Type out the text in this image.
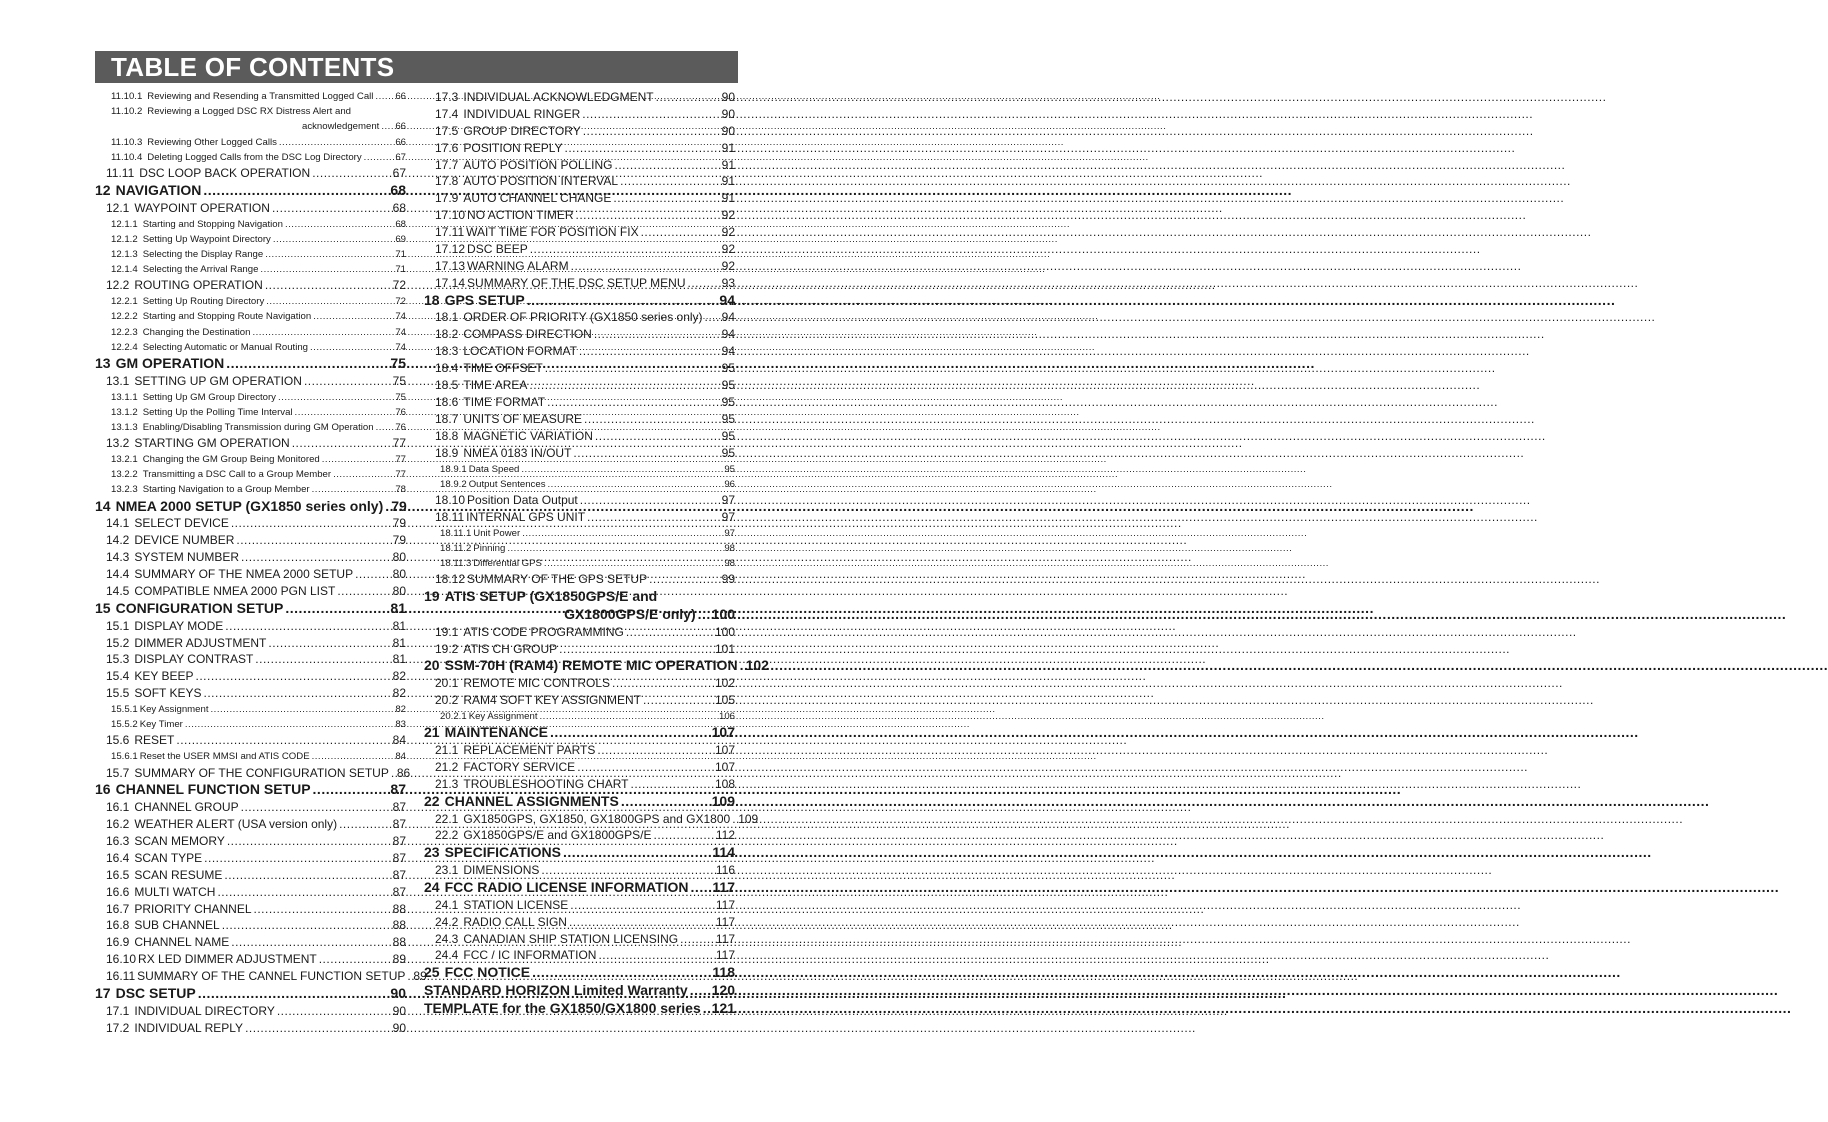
TABLE OF CONTENTS
11.10.1 Reviewing and Resending a Transmitted Logged Call ..... 66
11.10.2 Reviewing a Logged DSC RX Distress Alert and
acknowledgement ..... 66
11.10.3 Reviewing Other Logged Calls .....	66
11.10.4 Deleting Logged Calls from the DSC Log Directory .....	67
11.11 DSC LOOP BACK OPERATION .....	67
12 NAVIGATION .....	68
12.1 WAYPOINT OPERATION .....	68
12.1.1 Starting and Stopping Navigation .....	68
12.1.2 Setting Up Waypoint Directory .....	69
12.1.3 Selecting the Display Range .....	71
12.1.4 Selecting the Arrival Range .....	71
12.2 ROUTING OPERATION .....	72
12.2.1 Setting Up Routing Directory .....	72
12.2.2 Starting and Stopping Route Navigation .....	74
12.2.3 Changing the Destination .....	74
12.2.4 Selecting Automatic or Manual Routing .....	74
13 GM OPERATION .....	75
13.1 SETTING UP GM OPERATION .....	75
13.1.1 Setting Up GM Group Directory .....	75
13.1.2 Setting Up the Polling Time Interval .....	76
13.1.3 Enabling/Disabling Transmission during GM Operation ..... 76
13.2 STARTING GM OPERATION .....	77
13.2.1 Changing the GM Group Being Monitored .....	77
13.2.2 Transmitting a DSC Call to a Group Member .....	77
13.2.3 Starting Navigation to a Group Member .....	78
14 NMEA 2000 SETUP (GX1850 series only) ..... 79
14.1 SELECT DEVICE .....	79
14.2 DEVICE NUMBER .....	79
14.3 SYSTEM NUMBER .....	80
14.4 SUMMARY OF THE NMEA 2000 SETUP .....	80
14.5 COMPATIBLE NMEA 2000 PGN LIST .....	80
15 CONFIGURATION SETUP .....	81
15.1 DISPLAY MODE .....	81
15.2 DIMMER ADJUSTMENT .....	81
15.3 DISPLAY CONTRAST .....	81
15.4 KEY BEEP .....	82
15.5 SOFT KEYS .....	82
15.5.1 Key Assignment .....	82
15.5.2 Key Timer .....	83
15.6 RESET .....	84
15.6.1 Reset the USER MMSI and ATIS CODE .....	84
15.7 SUMMARY OF THE CONFIGURATION SETUP ..... 86
16 CHANNEL FUNCTION SETUP .....	87
16.1 CHANNEL GROUP .....	87
16.2 WEATHER ALERT (USA version only) .....	87
16.3 SCAN MEMORY .....	87
16.4 SCAN TYPE .....	87
16.5 SCAN RESUME .....	87
16.6 MULTI WATCH .....	87
16.7 PRIORITY CHANNEL .....	88
16.8 SUB CHANNEL .....	88
16.9 CHANNEL NAME .....	88
16.10 RX LED DIMMER ADJUSTMENT .....	89
16.11 SUMMARY OF THE CANNEL FUNCTION SETUP ..... 89
17 DSC SETUP .....	90
17.1 INDIVIDUAL DIRECTORY .....	90
17.2 INDIVIDUAL REPLY .....	90
17.3 INDIVIDUAL ACKNOWLEDGMENT .....	90
17.4 INDIVIDUAL RINGER .....	90
17.5 GROUP DIRECTORY .....	90
17.6 POSITION REPLY .....	91
17.7 AUTO POSITION POLLING .....	91
17.8 AUTO POSITION INTERVAL .....	91
17.9 AUTO CHANNEL CHANGE .....	91
17.10 NO ACTION TIMER .....	92
17.11 WAIT TIME FOR POSITION FIX .....	92
17.12 DSC BEEP .....	92
17.13 WARNING ALARM .....	92
17.14 SUMMARY OF THE DSC SETUP MENU .....	93
18 GPS SETUP .....	94
18.1 ORDER OF PRIORITY (GX1850 series only) ..... 94
18.2 COMPASS DIRECTION .....	94
18.3 LOCATION FORMAT .....	94
18.4 TIME OFFSET .....	95
18.5 TIME AREA .....	95
18.6 TIME FORMAT .....	95
18.7 UNITS OF MEASURE .....	95
18.8 MAGNETIC VARIATION .....	95
18.9 NMEA 0183 IN/OUT .....	95
18.9.1 Data Speed .....	95
18.9.2 Output Sentences .....	96
18.10 Position Data Output .....	97
18.11 INTERNAL GPS UNIT .....	97
18.11.1 Unit Power .....	97
18.11.2 Pinning .....	98
18.11.3 Differential GPS .....	98
18.12 SUMMARY OF THE GPS SETUP .....	99
19 ATIS SETUP (GX1850GPS/E and
GX1800GPS/E only) ..... 100
19.1 ATIS CODE PROGRAMMING .....	100
19.2 ATIS CH GROUP .....	101
20 SSM-70H (RAM4) REMOTE MIC OPERATION ..... 102
20.1 REMOTE MIC CONTROLS .....	102
20.2 RAM4 SOFT KEY ASSIGNMENT .....	105
20.2.1 Key Assignment .....	106
21 MAINTENANCE .....	107
21.1 REPLACEMENT PARTS .....	107
21.2 FACTORY SERVICE .....	107
21.3 TROUBLESHOOTING CHART .....	108
22 CHANNEL ASSIGNMENTS .....	109
22.1 GX1850GPS, GX1850, GX1800GPS and GX1800 ..... 109
22.2 GX1850GPS/E and GX1800GPS/E .....	112
23 SPECIFICATIONS .....	114
23.1 DIMENSIONS .....	116
24 FCC RADIO LICENSE INFORMATION ..... 117
24.1 STATION LICENSE .....	117
24.2 RADIO CALL SIGN .....	117
24.3 CANADIAN SHIP STATION LICENSING .....	117
24.4 FCC / IC INFORMATION .....	117
25 FCC NOTICE .....	118
STANDARD HORIZON Limited Warranty ..... 120
TEMPLATE for the GX1850/GX1800 series ..... 121
